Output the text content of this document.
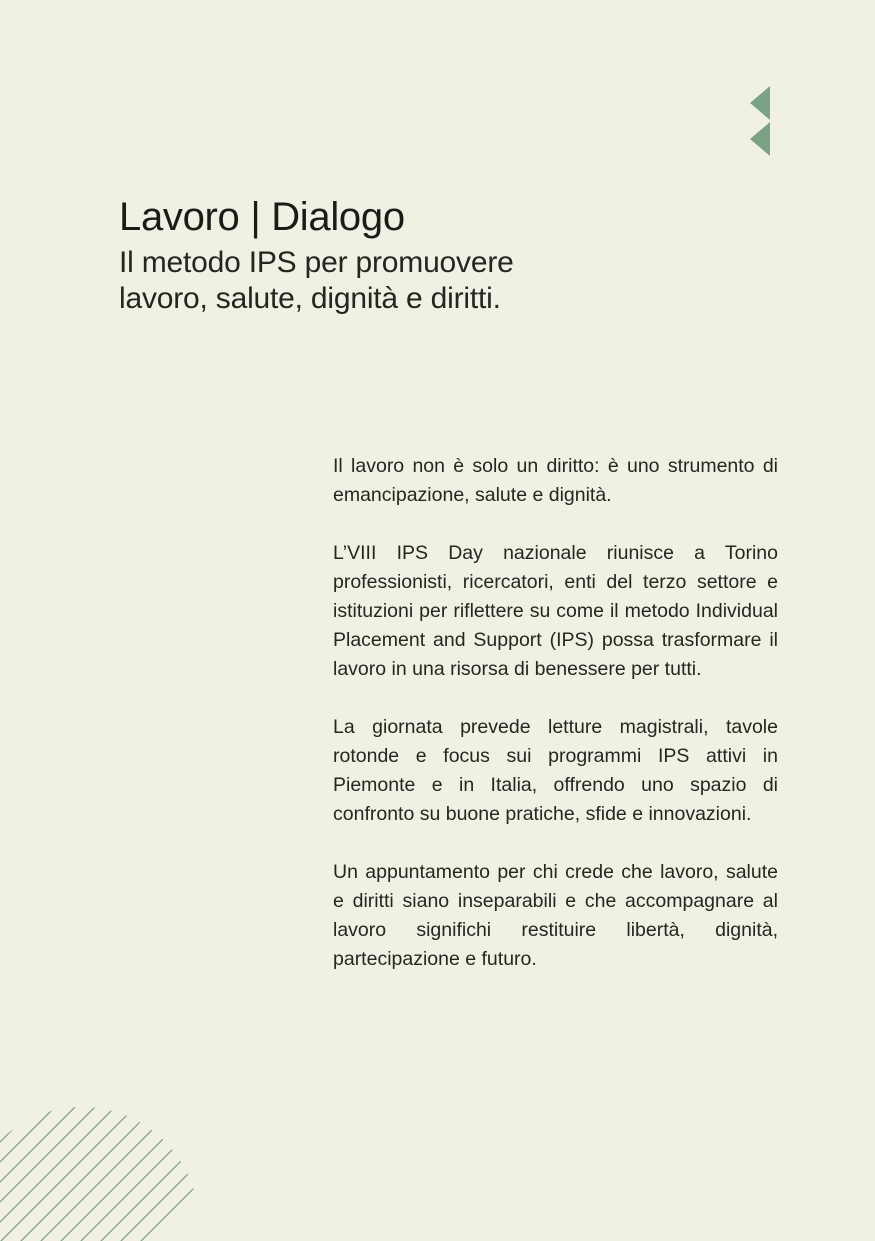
Lavoro | Dialogo

Il metodo IPS per promuovere lavoro, salute, dignità e diritti.

Il lavoro non è solo un diritto: è uno strumento di emancipazione, salute e dignità.

L’VIII IPS Day nazionale riunisce a Torino professionisti, ricercatori, enti del terzo settore e istituzioni per riflettere su come il metodo Individual Placement and Support (IPS) possa trasformare il lavoro in una risorsa di benessere per tutti.

La giornata prevede letture magistrali, tavole rotonde e focus sui programmi IPS attivi in Piemonte e in Italia, offrendo uno spazio di confronto su buone pratiche, sfide e innovazioni.

Un appuntamento per chi crede che lavoro, salute e diritti siano inseparabili e che accompagnare al lavoro significhi restituire libertà, dignità, partecipazione e futuro.
